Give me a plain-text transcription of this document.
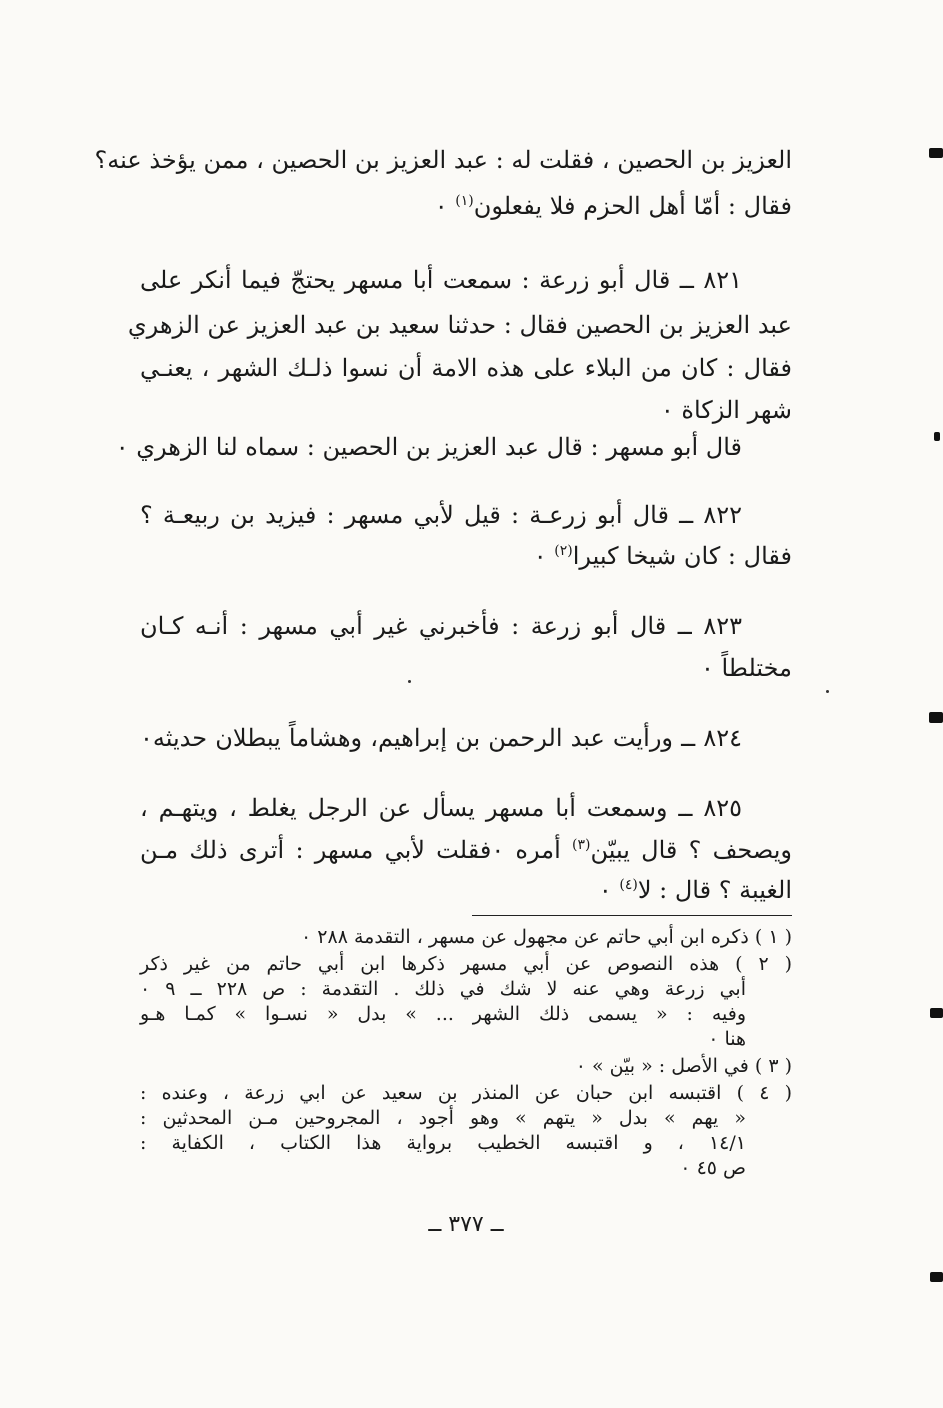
العزيز بن الحصين ، فقلت له : عبد العزيز بن الحصين ، ممن يؤخذ عنه؟
فقال : أمّا أهل الحزم فلا يفعلون$^{(١)}$ ٠
٨٢١ ــ قال أبو زرعة : سمعت أبا مسهر يحتجّ فيما أنكر على
عبد العزيز بن الحصين فقال : حدثنا سعيد بن عبد العزيز عن الزهري
فقال : كان من البلاء على هذه الامة أن نسوا ذلـك الشهر ، يعنـي
شهر الزكاة ٠
قال أبو مسهر : قال عبد العزيز بن الحصين : سماه لنا الزهري ٠
٨٢٢ ــ قال أبو زرعـة : قيل لأبي مسهر : فيزيد بن ربيعـة ؟
فقال : كان شيخا كبيرا$^{(٢)}$ ٠
٨٢٣ ــ قال أبو زرعة : فأخبرني غير أبي مسهر : أنـه كـان
مختلطاً ٠
٨٢٤ ــ ورأيت عبد الرحمن بن إبراهيم، وهشاماً يبطلان حديثه٠
٨٢٥ ــ وسمعت أبا مسهر يسأل عن الرجل يغلط ، ويتهـم ،
ويصحف ؟ قال يبيّن$^{(٣)}$ أمره ٠فقلت لأبي مسهر : أترى ذلك مـن
الغيبة ؟ قال : لا$^{(٤)}$ ٠
( ١ ) ذكره ابن أبي حاتم عن مجهول عن مسهر ، التقدمة ٢٨٨ ٠
( ٢ ) هذه النصوص عن أبي مسهر ذكرها ابن أبي حاتم من غير ذكر
أبي زرعة وهي عنه لا شك في ذلك . التقدمة : ص ٢٢٨ ــ ٩ ٠
وفيه : « يسمى ذلك الشهر ... » بدل « نسـوا » كمـا هـو
هنا ٠
( ٣ ) في الأصل : « بيّن » ٠
( ٤ ) اقتبسه ابن حبان عن المنذر بن سعيد عن ابي زرعة ، وعنده :
« يهم » بدل « يتهم » وهو أجود ، المجروحين مـن المحدثين :
١٤/١ ، و اقتبسه الخطيب برواية هذا الكتاب ، الكفاية :
ص ٤٥ ٠
ــ ٣٧٧ ــ
